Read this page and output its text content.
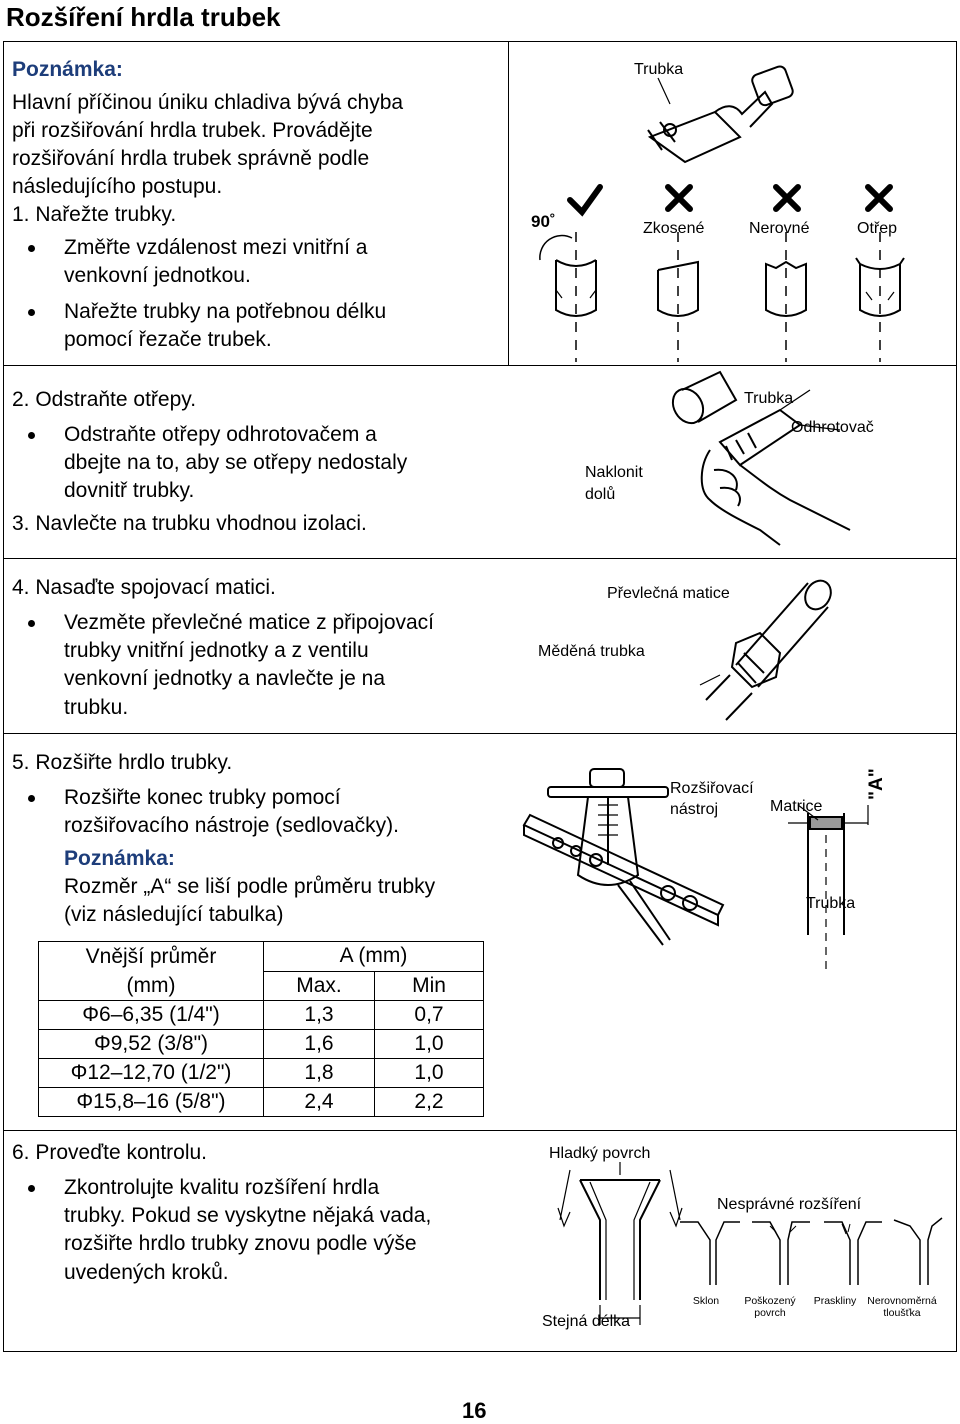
Rozšíření hrdla trubek
Poznámka:
Hlavní příčinou úniku chladiva bývá chyba
při rozšiřování hrdla trubek. Provádějte
rozšiřování hrdla trubek správně podle
následujícího postupu.
1. Nařežte trubky.
Změřte vzdálenost mezi vnitřní a
venkovní jednotkou.
Nařežte trubky na potřebnou délku
pomocí řezače trubek.
Trubka
90˚	Zkosené	Nerovné	Otřep
2. Odstraňte otřepy.
Odstraňte otřepy odhrotovačem a
dbejte na to, aby se otřepy nedostaly
dovnitř trubky.
3. Navlečte na trubku vhodnou izolaci.
Naklonit
dolů
Trubka
Odhrotovač
4. Nasaďte spojovací matici.
Vezměte převlečné matice z připojovací
trubky vnitřní jednotky a z ventilu
venkovní jednotky a navlečte je na
trubku.
Převlečná matice
Měděná trubka
5. Rozšiřte hrdlo trubky.
Rozšiřte konec trubky pomocí
rozšiřovacího nástroje (sedlovačky).
Poznámka:
Rozměr „A“ se liší podle průměru trubky
(viz následující tabulka)
Rozšiřovací
nástroj	Matrice
"A"
Trubka
Vnější průměr
(mm)	A (mm)	
	Max.	Min
Φ6–6,35 (1/4")	1,3	0,7
Φ9,52 (3/8")	1,6	1,0
Φ12–12,70 (1/2")	1,8	1,0
Φ15,8–16 (5/8")	2,4	2,2
6. Proveďte kontrolu.
Zkontrolujte kvalitu rozšíření hrdla
trubky. Pokud se vyskytne nějaká vada,
rozšiřte hrdlo trubky znovu podle výše
uvedených kroků.
Hladký povrch
Stejná délka
Nesprávné rozšíření
Sklon	Poškozený
povrch
Praskliny	Nerovnoměrná
tloušťka
16
